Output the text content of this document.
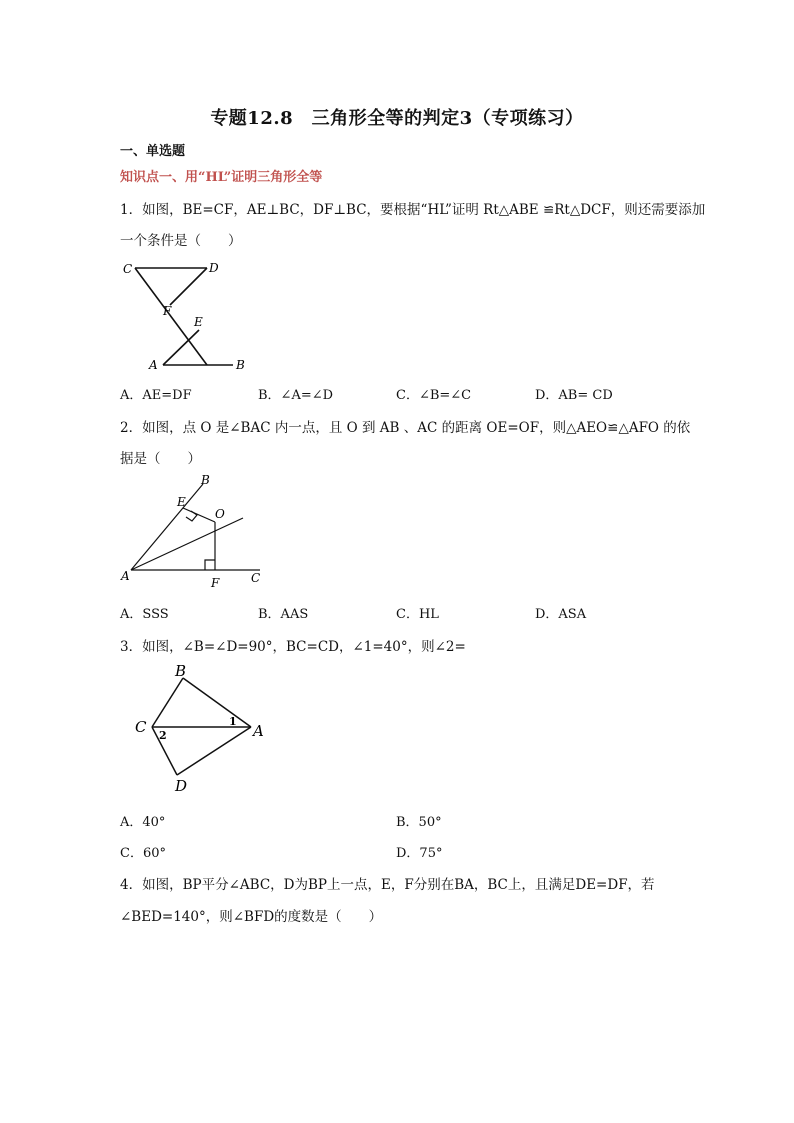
专题12.8　三角形全等的判定3（专项练习）
一、单选题
知识点一、用“HL”证明三角形全等
1．如图，BE=CF，AE⊥BC，DF⊥BC，要根据“HL”证明 Rt△ABE ≌Rt△DCF，则还需要添加
一个条件是（　　）
C	D
F
E
A	B
A．AE=DF	B．∠A=∠D	C．∠B=∠C	D．AB= CD
2．如图，点 O 是∠BAC 内一点，且 O 到 AB 、AC 的距离 OE=OF，则△AEO≌△AFO 的依
据是（　　）
B
E
O
A	F	C
A．SSS	B．AAS	C．HL	D．ASA
3．如图，∠B=∠D=90°，BC=CD，∠1=40°，则∠2=
B
C	A
D
1
2
A．40°	B．50°
C．60°	D．75°
4．如图，BP平分∠ABC，D为BP上一点，E，F分别在BA，BC上，且满足DE=DF，若
∠BED=140°，则∠BFD的度数是（　　）
